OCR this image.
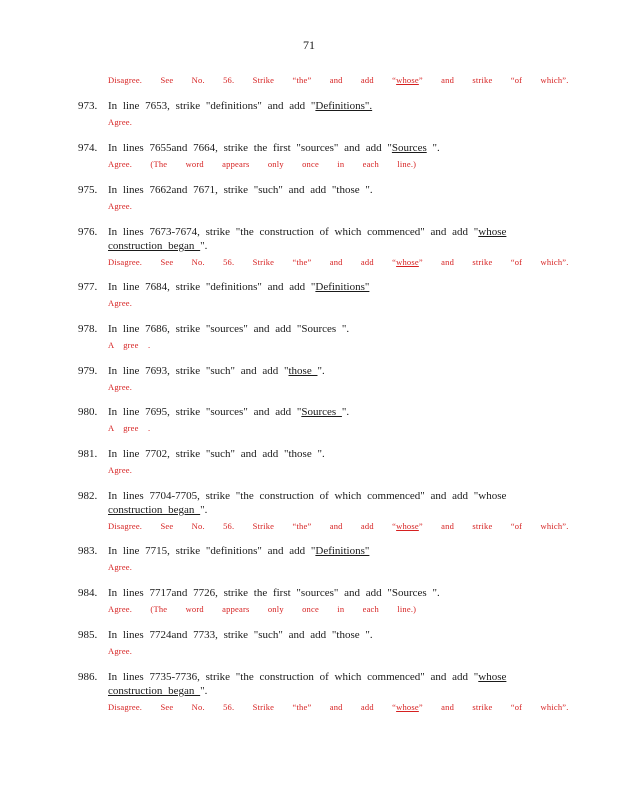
71
Disagree. See No. 56. Strike “the” and add “whose” and strike “of which”.
973. In line 7653, strike "definitions" and add "Definitions".
Agree.
974. In lines 7655and 7664, strike the first "sources" and add "Sources ".
Agree. (The word appears only once in each line.)
975. In lines 7662and 7671, strike "such" and add "those ".
Agree.
976. In lines 7673-7674, strike "the construction of which commenced" and add "whose
construction began ".
Disagree. See No. 56. Strike “the” and add “whose” and strike “of which”.
977. In line 7684, strike "definitions" and add "Definitions"
Agree.
978. In line 7686, strike "sources" and add "Sources ".
A gree .
979. In line 7693, strike "such" and add "those ".
Agree.
980. In line 7695, strike "sources" and add "Sources ".
A gree .
981. In line 7702, strike "such" and add "those ".
Agree.
982. In lines 7704-7705, strike "the construction of which commenced" and add "whose
construction began ".
Disagree. See No. 56. Strike “the” and add “whose” and strike “of which”.
983. In line 7715, strike "definitions" and add "Definitions"
Agree.
984. In lines 7717and 7726, strike the first "sources" and add "Sources ".
Agree. (The word appears only once in each line.)
985. In lines 7724and 7733, strike "such" and add "those ".
Agree.
986. In lines 7735-7736, strike "the construction of which commenced" and add "whose
construction began ".
Disagree. See No. 56. Strike “the” and add “whose” and strike “of which”.
